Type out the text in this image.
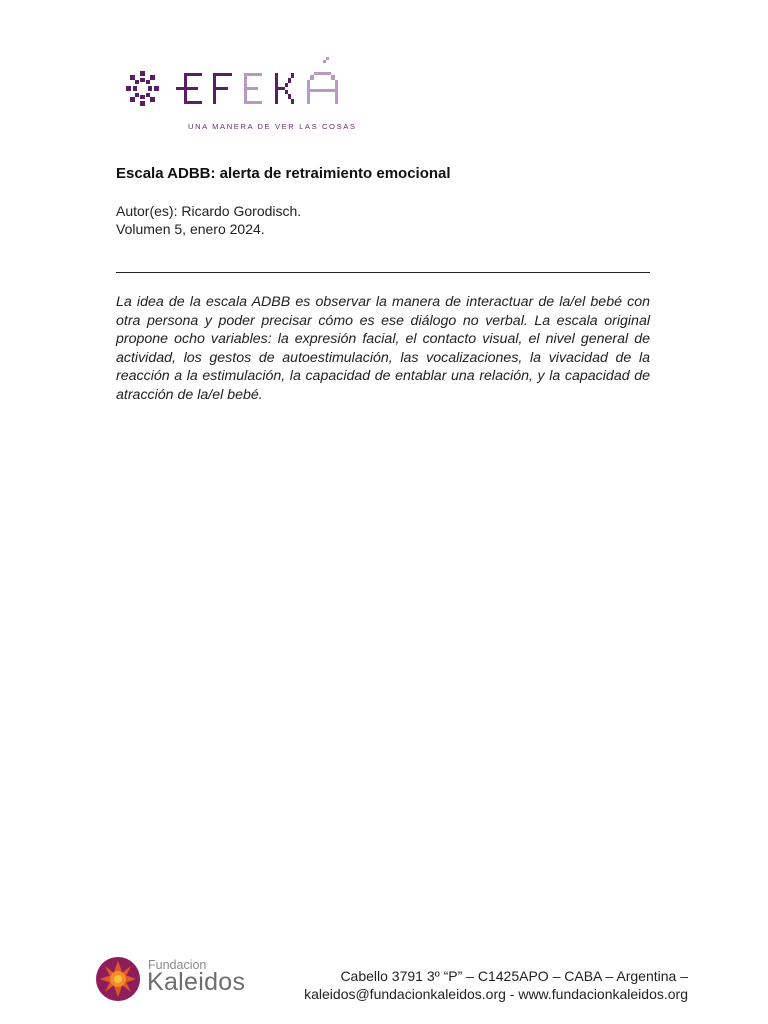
UNA MANERA DE VER LAS COSAS
Escala ADBB: alerta de retraimiento emocional
Autor(es): Ricardo Gorodisch.
Volumen 5, enero 2024.
La idea de la escala ADBB es observar la manera de interactuar de la/el bebé con otra persona y poder precisar cómo es ese diálogo no verbal. La escala original propone ocho variables: la expresión facial, el contacto visual, el nivel general de actividad, los gestos de autoestimulación, las vocalizaciones, la vivacidad de la reacción a la estimulación, la capacidad de entablar una relación, y la capacidad de atracción de la/el bebé.
Fundacion
Kaleidos	Cabello 3791 3º “P” – C1425APO – CABA – Argentina –
kaleidos@fundacionkaleidos.org - www.fundacionkaleidos.org
